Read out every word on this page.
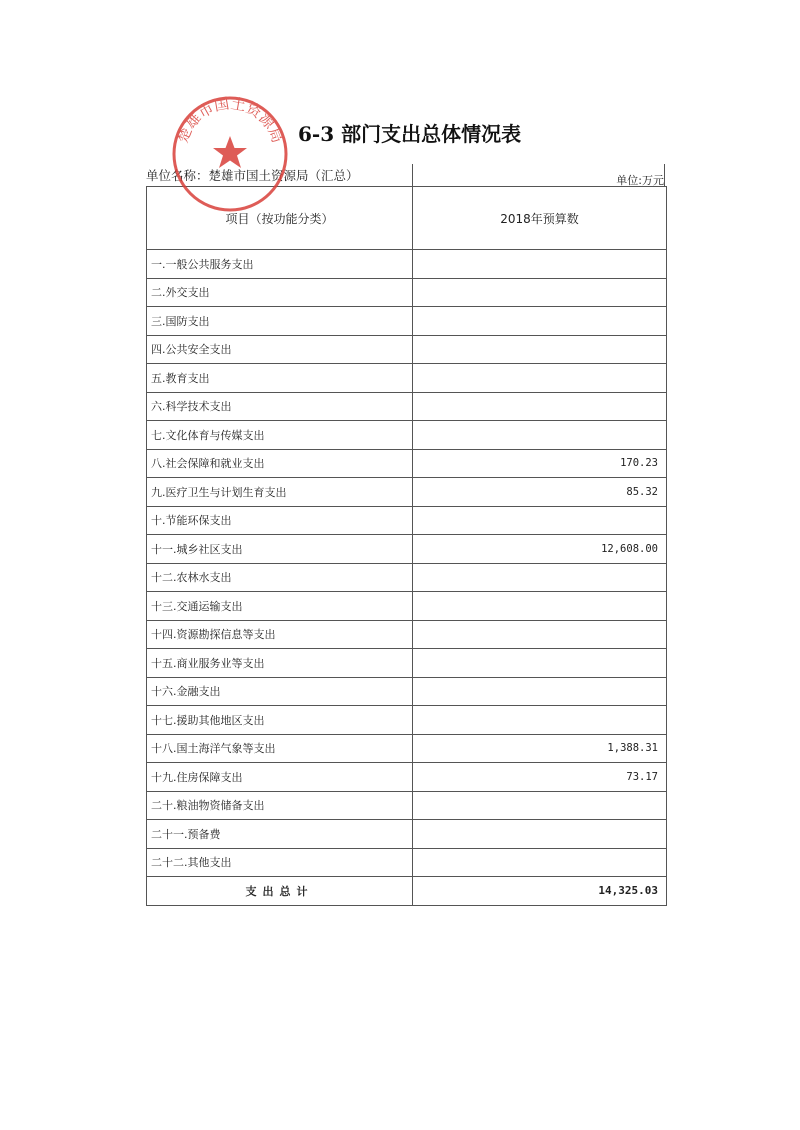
6-3 部门支出总体情况表
单位名称：楚雄市国土资源局（汇总）	单位:万元
项目（按功能分类）	2018年预算数
一.一般公共服务支出	
二.外交支出	
三.国防支出	
四.公共安全支出	
五.教育支出	
六.科学技术支出	
七.文化体育与传媒支出	
八.社会保障和就业支出	170.23
九.医疗卫生与计划生育支出	85.32
十.节能环保支出	
十一.城乡社区支出	12,608.00
十二.农林水支出	
十三.交通运输支出	
十四.资源勘探信息等支出	
十五.商业服务业等支出	
十六.金融支出	
十七.援助其他地区支出	
十八.国土海洋气象等支出	1,388.31
十九.住房保障支出	73.17
二十.粮油物资储备支出	
二十一.预备费	
二十二.其他支出	
支出总计	14,325.03
楚雄市国土资源局
